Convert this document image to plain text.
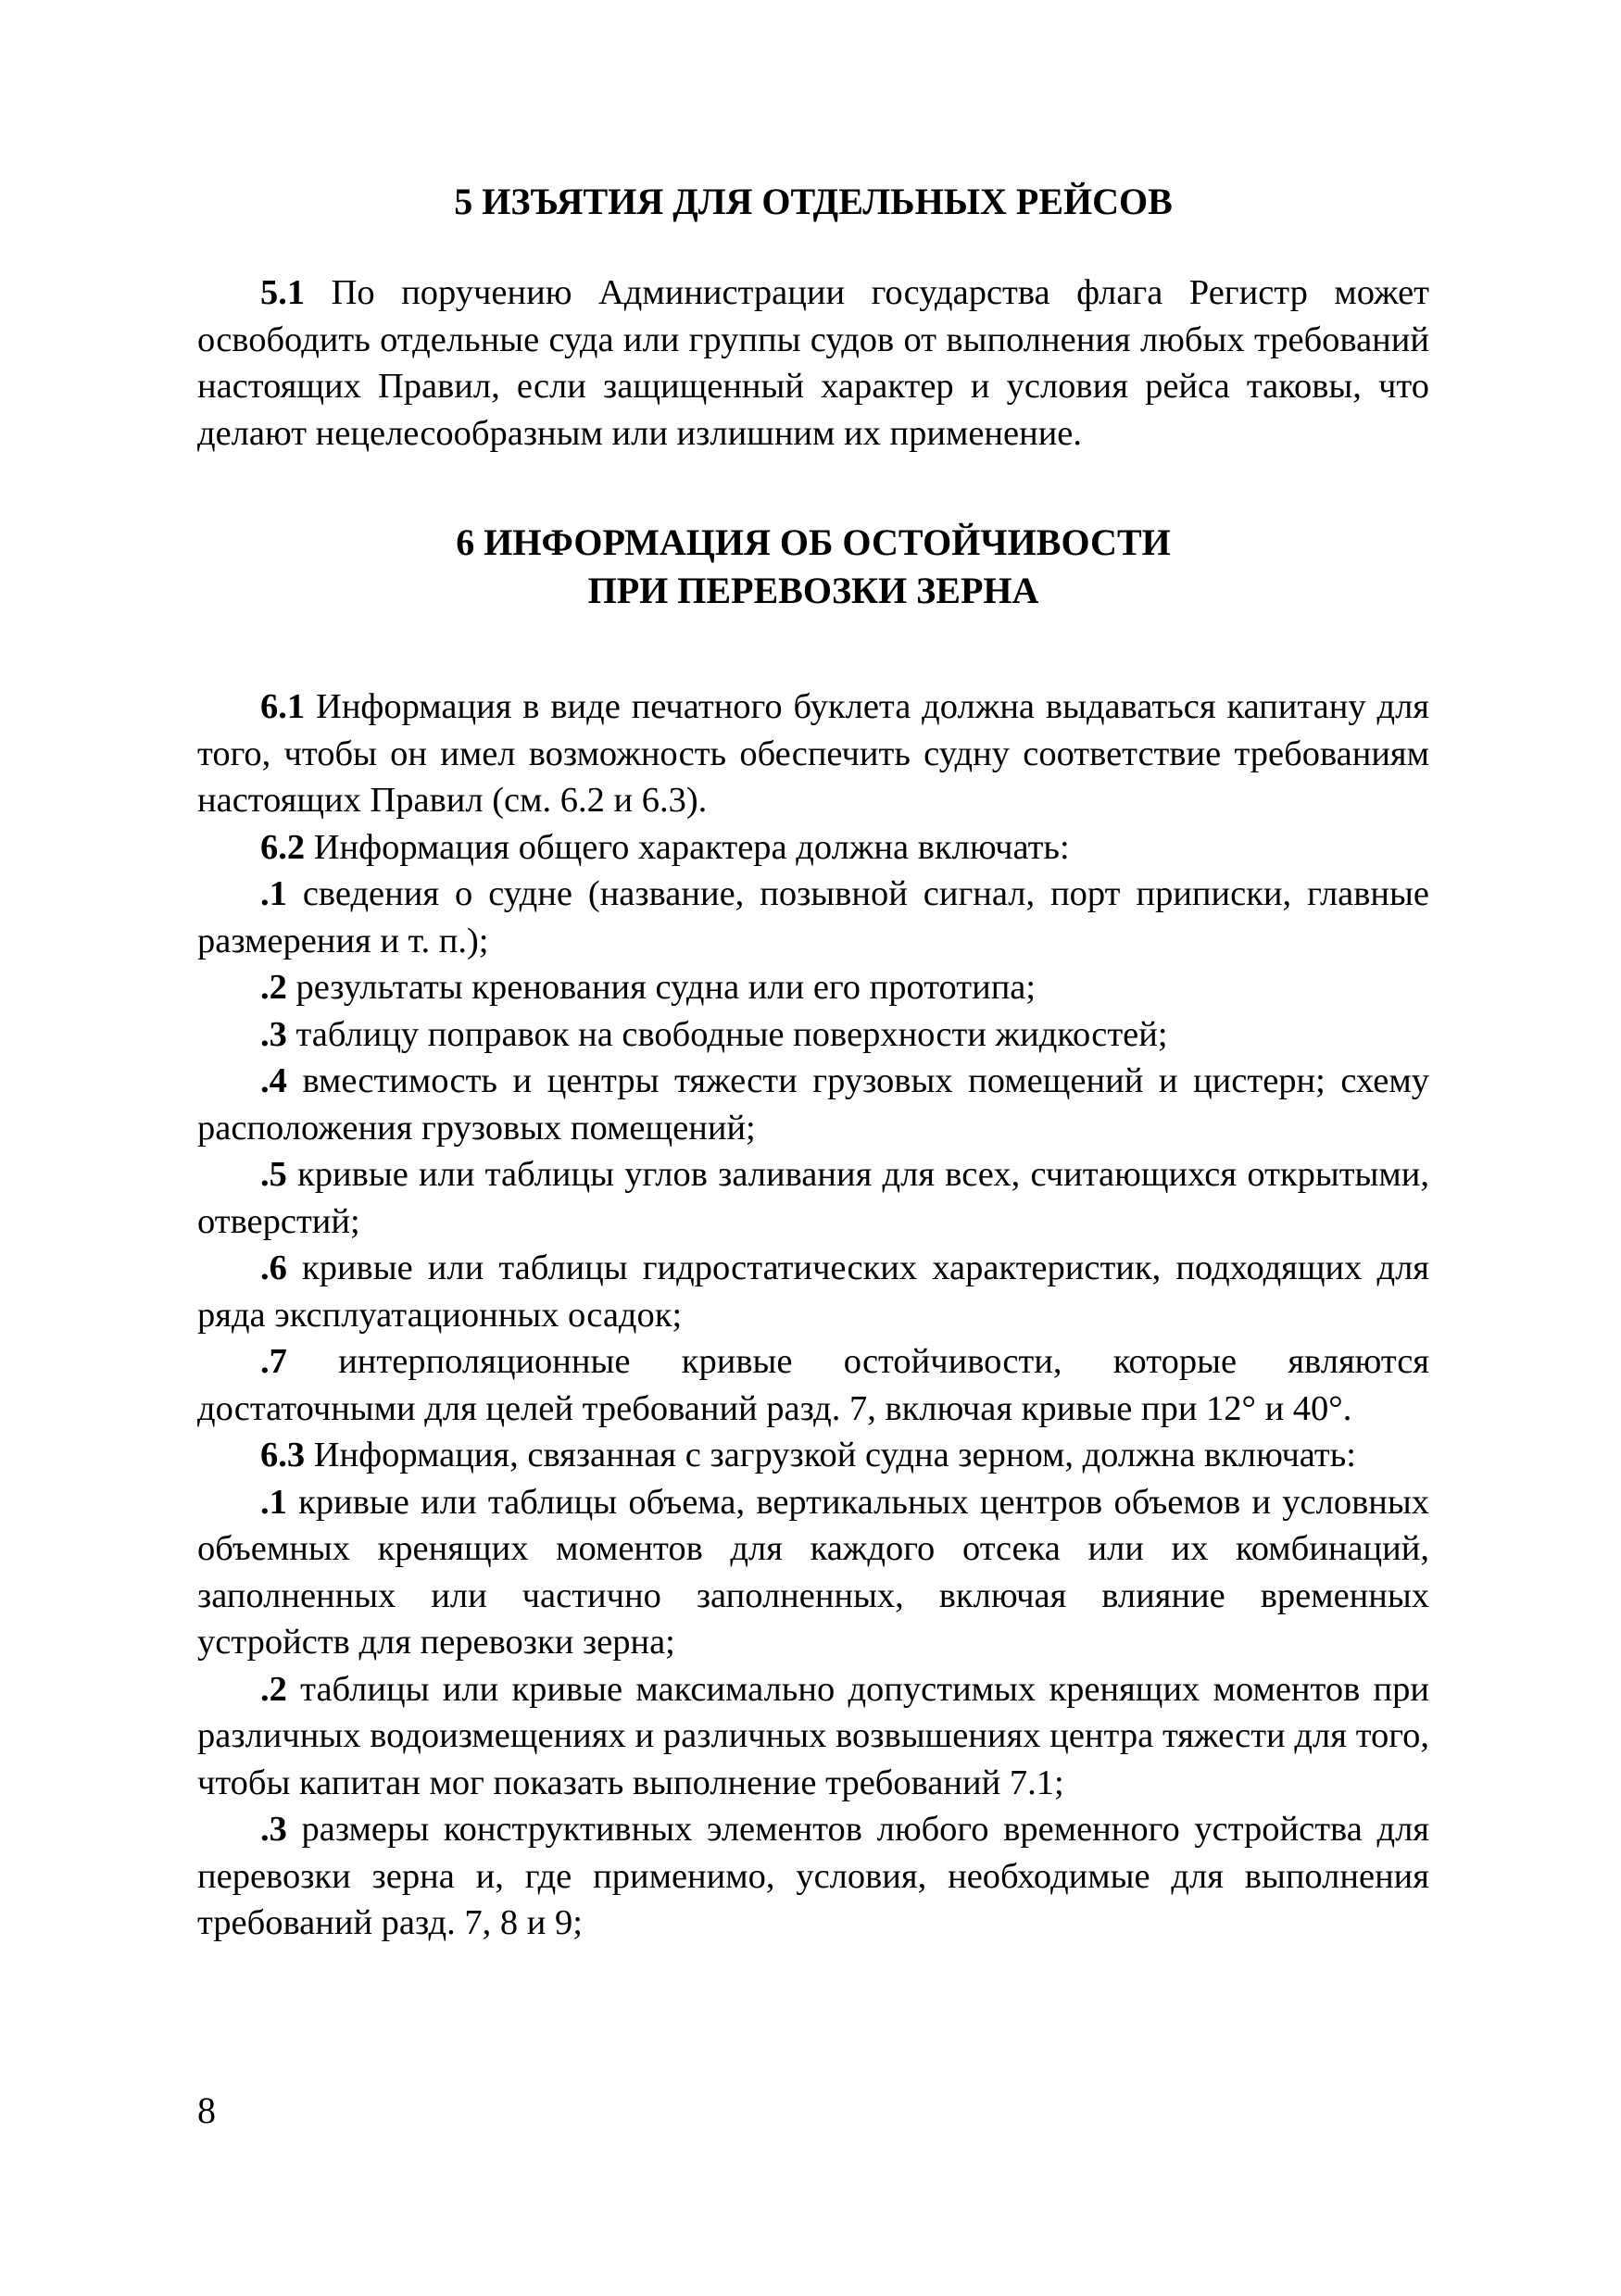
5 ИЗЪЯТИЯ ДЛЯ ОТДЕЛЬНЫХ РЕЙСОВ

5.1 По поручению Администрации государства флага Регистр может освободить отдельные суда или группы судов от выполнения любых требований настоящих Правил, если защищенный характер и условия рейса таковы, что делают нецелесообразным или излишним их применение.

6 ИНФОРМАЦИЯ ОБ ОСТОЙЧИВОСТИ
ПРИ ПЕРЕВОЗКИ ЗЕРНА

6.1 Информация в виде печатного буклета должна выдаваться капитану для того, чтобы он имел возможность обеспечить судну соответствие требованиям настоящих Правил (см. 6.2 и 6.3).

6.2 Информация общего характера должна включать:

.1 сведения о судне (название, позывной сигнал, порт приписки, главные размерения и т. п.);

.2 результаты кренования судна или его прототипа;

.3 таблицу поправок на свободные поверхности жидкостей;

.4 вместимость и центры тяжести грузовых помещений и цистерн; схему расположения грузовых помещений;

.5 кривые или таблицы углов заливания для всех, считающихся открытыми, отверстий;

.6 кривые или таблицы гидростатических характеристик, подходящих для ряда эксплуатационных осадок;

.7 интерполяционные кривые остойчивости, которые являются достаточными для целей требований разд. 7, включая кривые при 12° и 40°.

6.3 Информация, связанная с загрузкой судна зерном, должна включать:

.1 кривые или таблицы объема, вертикальных центров объемов и условных объемных кренящих моментов для каждого отсека или их комбинаций, заполненных или частично заполненных, включая влияние временных устройств для перевозки зерна;

.2 таблицы или кривые максимально допустимых кренящих моментов при различных водоизмещениях и различных возвышениях центра тяжести для того, чтобы капитан мог показать выполнение требований 7.1;

.3 размеры конструктивных элементов любого временного устройства для перевозки зерна и, где применимо, условия, необходимые для выполнения требований разд. 7, 8 и 9;

8
